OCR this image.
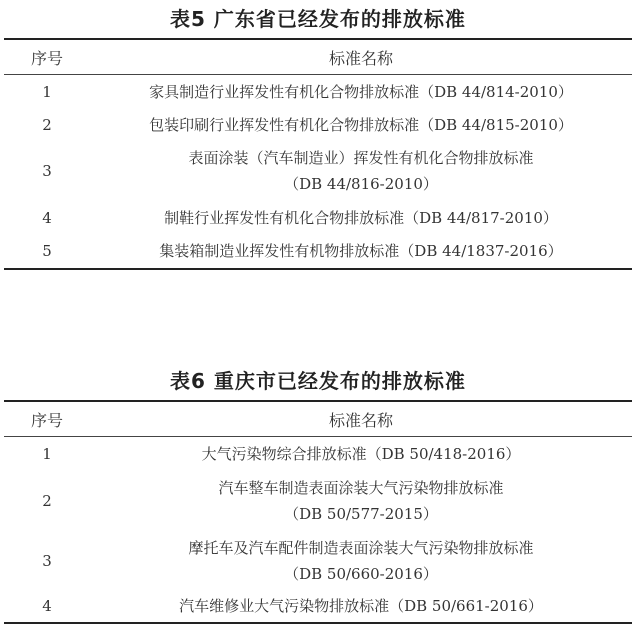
表5 广东省已经发布的排放标准
序号	标准名称
1	家具制造行业挥发性有机化合物排放标准（DB 44/814-2010）

2	包装印刷行业挥发性有机化合物排放标准（DB 44/815-2010）

3	表面涂装（汽车制造业）挥发性有机化合物排放标准
（DB 44/816-2010）

4	制鞋行业挥发性有机化合物排放标准（DB 44/817-2010）

5	集装箱制造业挥发性有机物排放标准（DB 44/1837-2016）
表6 重庆市已经发布的排放标准
序号	标准名称
1	大气污染物综合排放标准（DB 50/418-2016）

2	汽车整车制造表面涂装大气污染物排放标准
（DB 50/577-2015）

3	摩托车及汽车配件制造表面涂装大气污染物排放标准
（DB 50/660-2016）

4	汽车维修业大气污染物排放标准（DB 50/661-2016）
